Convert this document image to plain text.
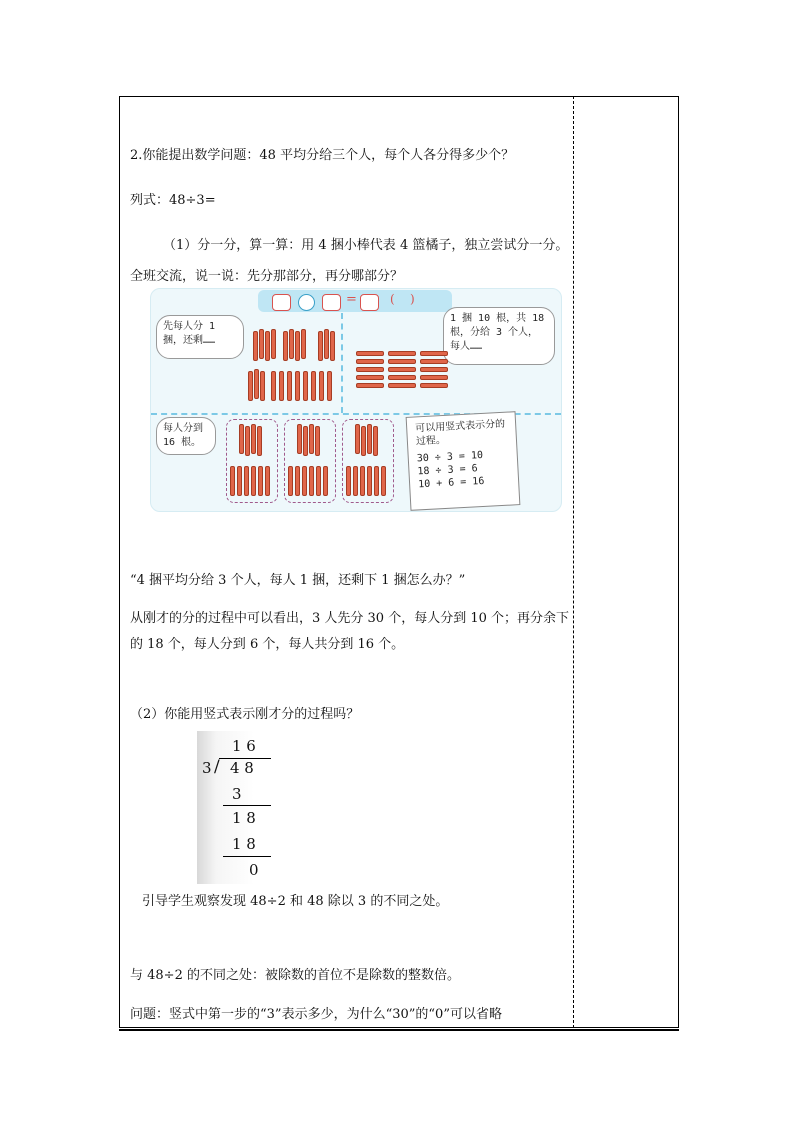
2.你能提出数学问题：48 平均分给三个人，每个人各分得多少个？
列式：48÷3=
（1）分一分，算一算：用 4 捆小棒代表 4 篮橘子，独立尝试分一分。
全班交流，说一说：先分那部分，再分哪部分？
=	(    )
先每人分 1 捆，还剩……
1 捆 10 根，共 18 根，分给 3 个人，每人……
每人分到 16 根。
可以用竖式表示分的过程。
30 ÷ 3 = 10
18 ÷ 3 = 6
10 + 6 = 16
“4 捆平均分给 3 个人，每人 1 捆，还剩下 1 捆怎么办？”
从刚才的分的过程中可以看出，3 人先分 30 个，每人分到 10 个；再分余下的 18 个，每人分到 6 个，每人共分到 16 个。
（2）你能用竖式表示刚才分的过程吗？
1 6
3 / 4 8
3
1 8
1 8
0
引导学生观察发现 48÷2 和 48 除以 3 的不同之处。
与 48÷2 的不同之处：被除数的首位不是除数的整数倍。
问题：竖式中第一步的“3”表示多少，为什么“30”的“0”可以省略
